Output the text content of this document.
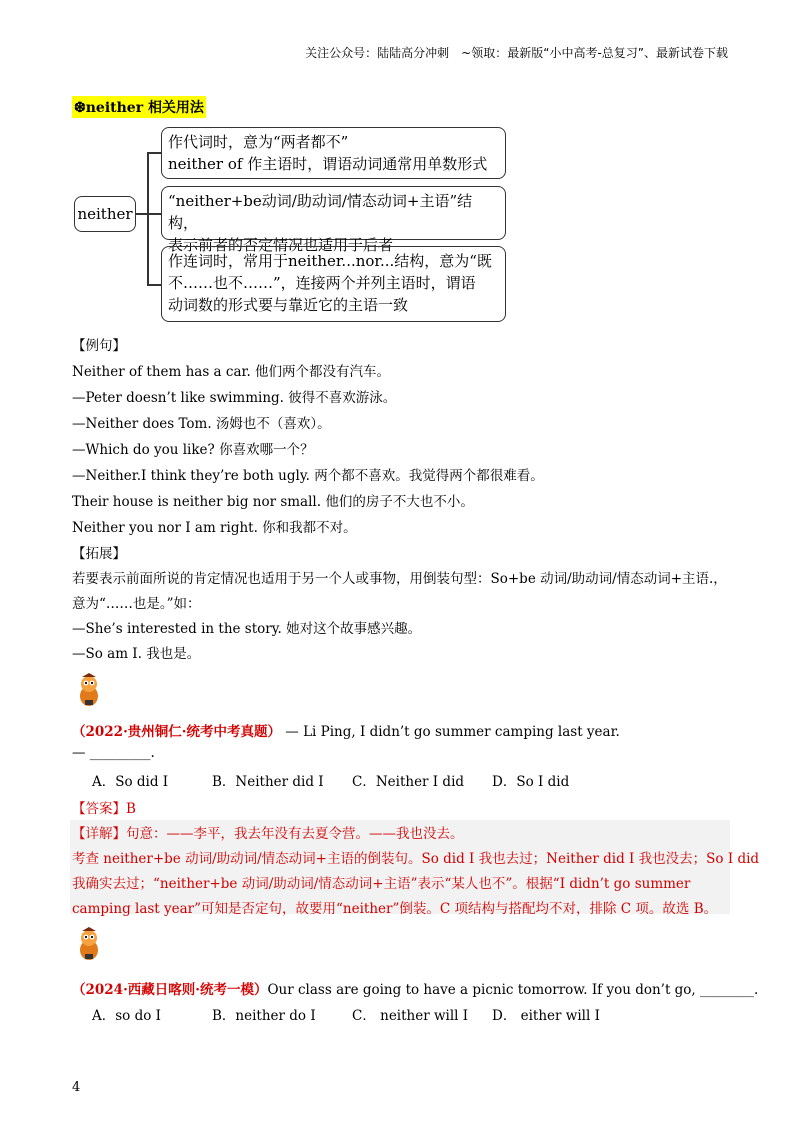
关注公众号：陆陆高分冲刺　~领取：最新版“小中高考-总复习”、最新试卷下载
❆neither 相关用法
neither
作代词时，意为“两者都不”
neither of 作主语时，谓语动词通常用单数形式
“neither+be动词/助动词/情态动词+主语”结构，
表示前者的否定情况也适用于后者
作连词时，常用于neither...nor...结构，意为“既
不……也不……”，连接两个并列主语时，谓语
动词数的形式要与靠近它的主语一致
【例句】
Neither of them has a car. 他们两个都没有汽车。
—Peter doesn’t like swimming. 彼得不喜欢游泳。
—Neither does Tom. 汤姆也不（喜欢）。
—Which do you like? 你喜欢哪一个？
—Neither.I think they’re both ugly. 两个都不喜欢。我觉得两个都很难看。
Their house is neither big nor small. 他们的房子不大也不小。
Neither you nor I am right. 你和我都不对。
【拓展】
若要表示前面所说的肯定情况也适用于另一个人或事物，用倒装句型：So+be 动词/助动词/情态动词+主语.，
意为“……也是。”如：
—She’s interested in the story. 她对这个故事感兴趣。
—So am I. 我也是。
（2022·贵州铜仁·统考中考真题） — Li Ping, I didn’t go summer camping last year.
— _________.
A．So did I	B．Neither did I C．Neither I did D．So I did
【答案】B
【详解】句意：——李平，我去年没有去夏令营。——我也没去。
考查 neither+be 动词/助动词/情态动词+主语的倒装句。So did I 我也去过；Neither did I 我也没去；So I did
我确实去过；“neither+be 动词/助动词/情态动词+主语”表示“某人也不”。根据“I didn’t go summer
camping last year”可知是否定句，故要用“neither”倒装。C 项结构与搭配均不对，排除 C 项。故选 B。
（2024·西藏日喀则·统考一模）Our class are going to have a picnic tomorrow. If you don’t go, ________.
A．so do I	B．neither do I	C． neither will I D． either will I
4
